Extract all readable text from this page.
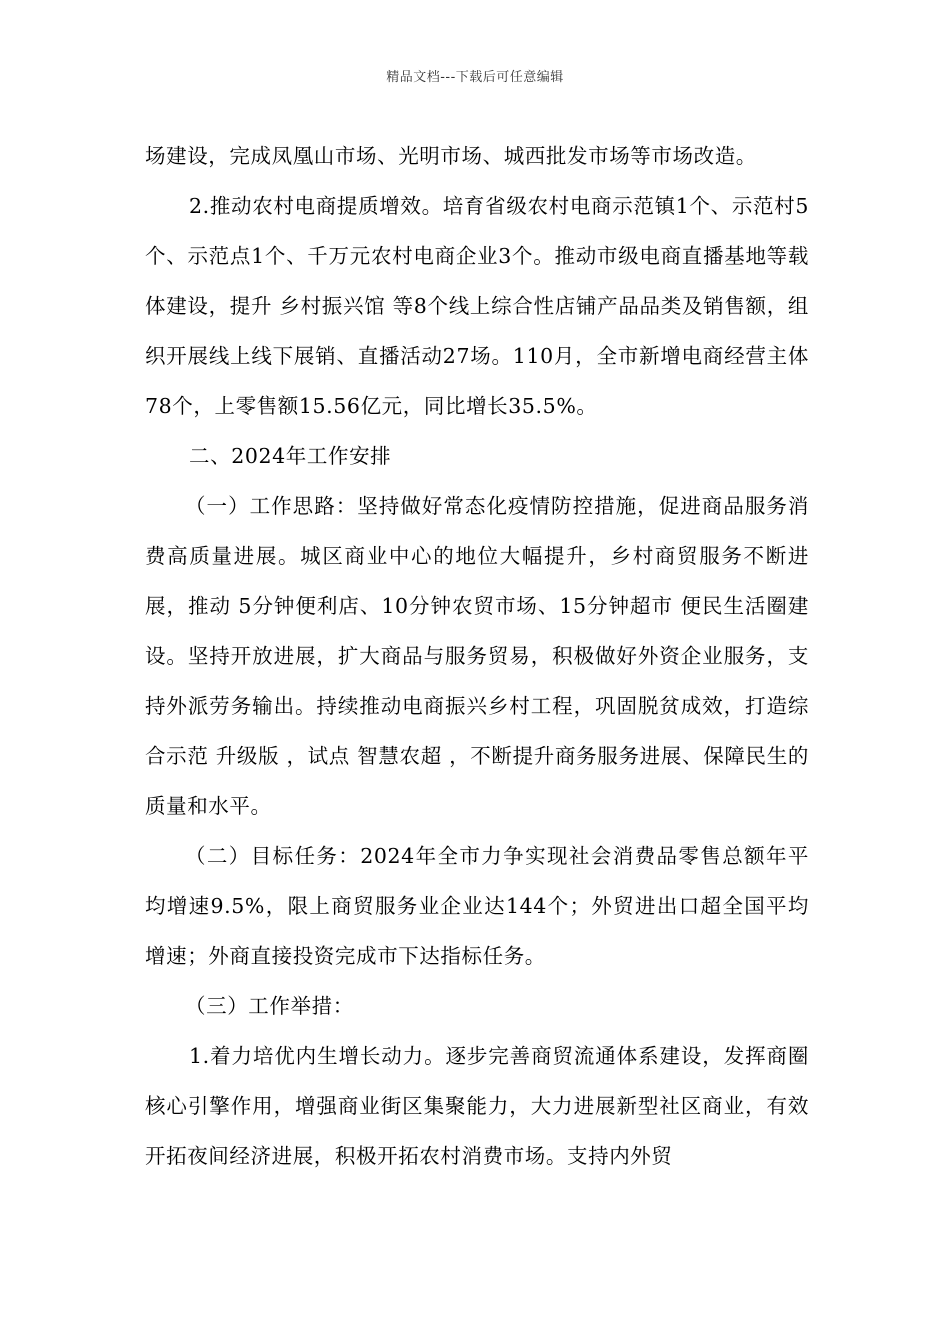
精品文档---下载后可任意编辑

场建设，完成凤凰山市场、光明市场、城西批发市场等市场改造。

2.推动农村电商提质增效。培育省级农村电商示范镇1个、示范村5个、示范点1个、千万元农村电商企业3个。推动市级电商直播基地等载体建设，提升 乡村振兴馆 等8个线上综合性店铺产品品类及销售额，组织开展线上线下展销、直播活动27场。110月，全市新增电商经营主体78个，上零售额15.56亿元，同比增长35.5%。

二、2024年工作安排

（一）工作思路：坚持做好常态化疫情防控措施，促进商品服务消费高质量进展。城区商业中心的地位大幅提升，乡村商贸服务不断进展，推动 5分钟便利店、10分钟农贸市场、15分钟超市 便民生活圈建设。坚持开放进展，扩大商品与服务贸易，积极做好外资企业服务，支持外派劳务输出。持续推动电商振兴乡村工程，巩固脱贫成效，打造综合示范 升级版 ，试点 智慧农超 ，不断提升商务服务进展、保障民生的质量和水平。

（二）目标任务：2024年全市力争实现社会消费品零售总额年平均增速9.5%，限上商贸服务业企业达144个；外贸进出口超全国平均增速；外商直接投资完成市下达指标任务。

（三）工作举措：

1.着力培优内生增长动力。逐步完善商贸流通体系建设，发挥商圈核心引擎作用，增强商业街区集聚能力，大力进展新型社区商业，有效开拓夜间经济进展，积极开拓农村消费市场。支持内外贸
